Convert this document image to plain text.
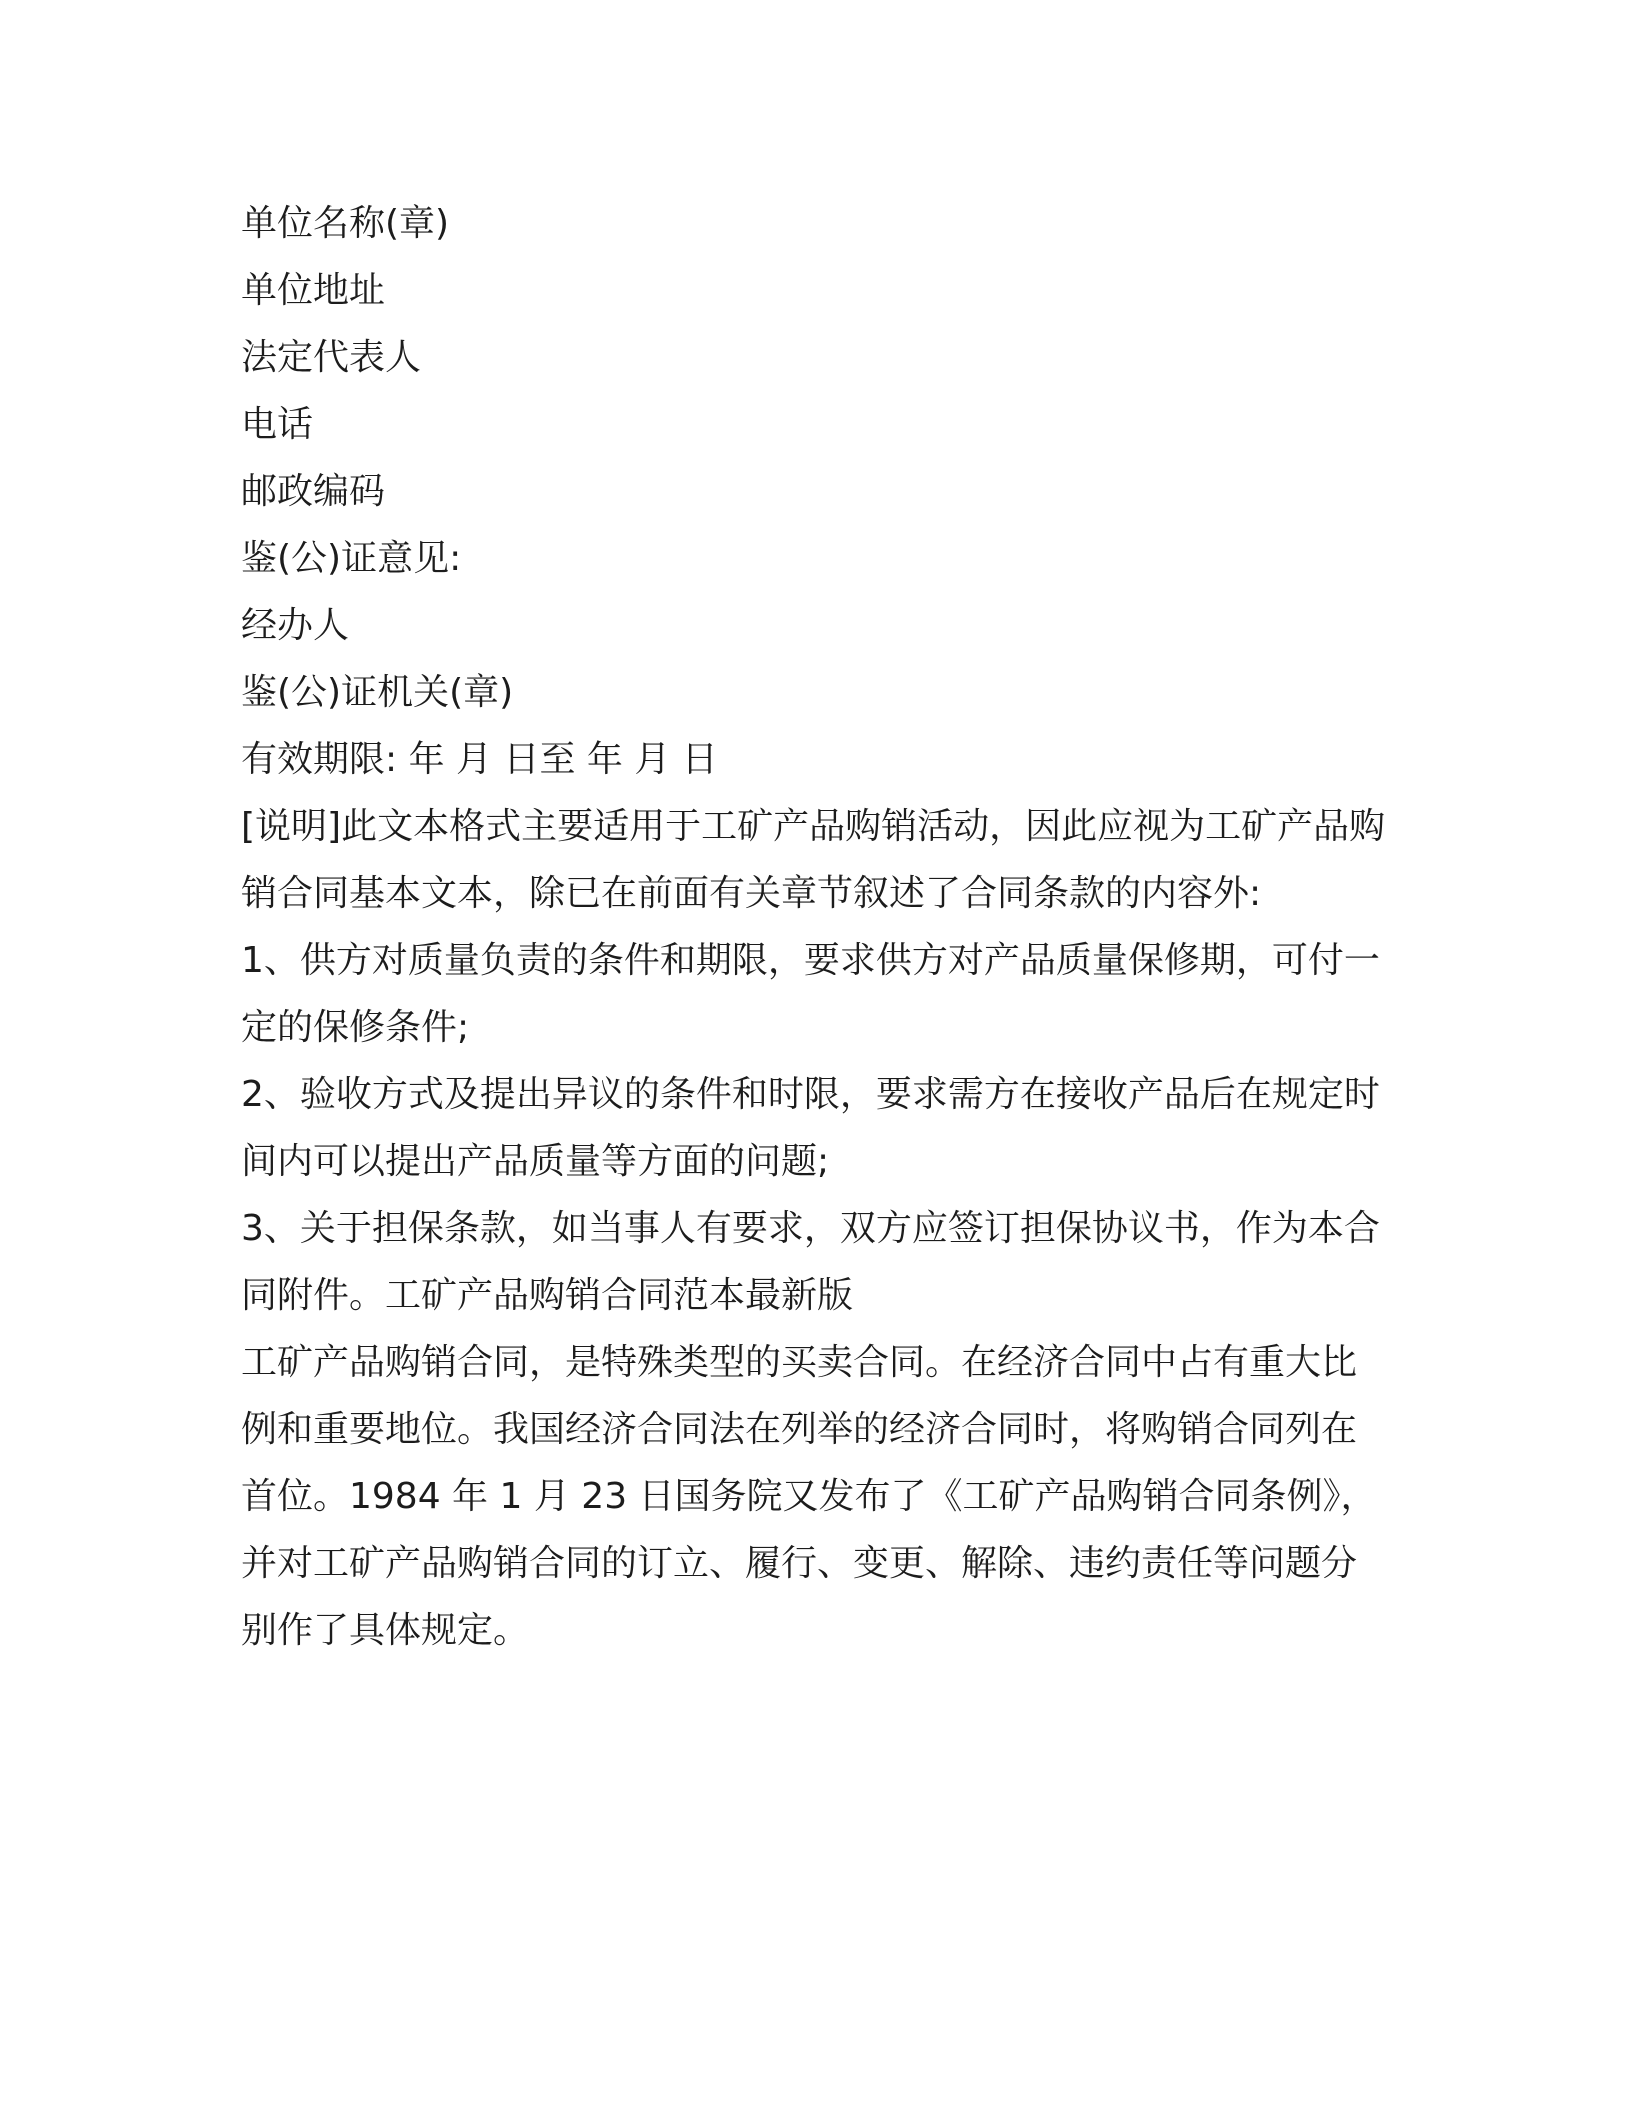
单位名称(章)
单位地址
法定代表人
电话
邮政编码
鉴(公)证意见:
经办人
鉴(公)证机关(章)
有效期限: 年 月 日至 年 月 日
[说明]此文本格式主要适用于工矿产品购销活动，因此应视为工矿产品购销合同基本文本，除已在前面有关章节叙述了合同条款的内容外:
1、供方对质量负责的条件和期限，要求供方对产品质量保修期，可付一定的保修条件;
2、验收方式及提出异议的条件和时限，要求需方在接收产品后在规定时间内可以提出产品质量等方面的问题;
3、关于担保条款，如当事人有要求，双方应签订担保协议书，作为本合同附件。工矿产品购销合同范本最新版
工矿产品购销合同，是特殊类型的买卖合同。在经济合同中占有重大比例和重要地位。我国经济合同法在列举的经济合同时，将购销合同列在首位。1984 年 1 月 23 日国务院又发布了《工矿产品购销合同条例》，并对工矿产品购销合同的订立、履行、变更、解除、违约责任等问题分别作了具体规定。
